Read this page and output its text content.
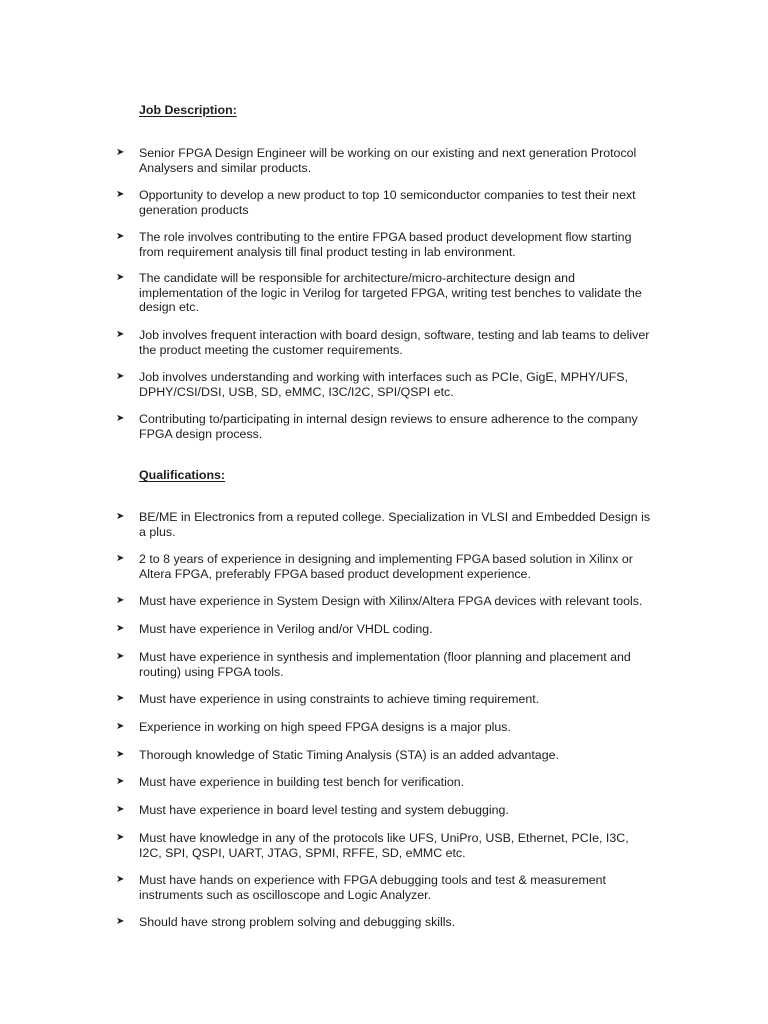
Job Description:
➤ Senior FPGA Design Engineer will be working on our existing and next generation Protocol
Analysers and similar products.
➤ Opportunity to develop a new product to top 10 semiconductor companies to test their next
generation products
➤ The role involves contributing to the entire FPGA based product development flow starting
from requirement analysis till final product testing in lab environment.
➤ The candidate will be responsible for architecture/micro-architecture design and
implementation of the logic in Verilog for targeted FPGA, writing test benches to validate the
design etc.
➤ Job involves frequent interaction with board design, software, testing and lab teams to deliver
the product meeting the customer requirements.
➤ Job involves understanding and working with interfaces such as PCIe, GigE, MPHY/UFS,
DPHY/CSI/DSI, USB, SD, eMMC, I3C/I2C, SPI/QSPI etc.
➤ Contributing to/participating in internal design reviews to ensure adherence to the company
FPGA design process.
Qualifications:
➤ BE/ME in Electronics from a reputed college. Specialization in VLSI and Embedded Design is
a plus.
➤ 2 to 8 years of experience in designing and implementing FPGA based solution in Xilinx or
Altera FPGA, preferably FPGA based product development experience.
➤ Must have experience in System Design with Xilinx/Altera FPGA devices with relevant tools.
➤ Must have experience in Verilog and/or VHDL coding.
➤ Must have experience in synthesis and implementation (floor planning and placement and
routing) using FPGA tools.
➤ Must have experience in using constraints to achieve timing requirement.
➤ Experience in working on high speed FPGA designs is a major plus.
➤ Thorough knowledge of Static Timing Analysis (STA) is an added advantage.
➤ Must have experience in building test bench for verification.
➤ Must have experience in board level testing and system debugging.
➤ Must have knowledge in any of the protocols like UFS, UniPro, USB, Ethernet, PCIe, I3C,
I2C, SPI, QSPI, UART, JTAG, SPMI, RFFE, SD, eMMC etc.
➤ Must have hands on experience with FPGA debugging tools and test & measurement
instruments such as oscilloscope and Logic Analyzer.
➤ Should have strong problem solving and debugging skills.
